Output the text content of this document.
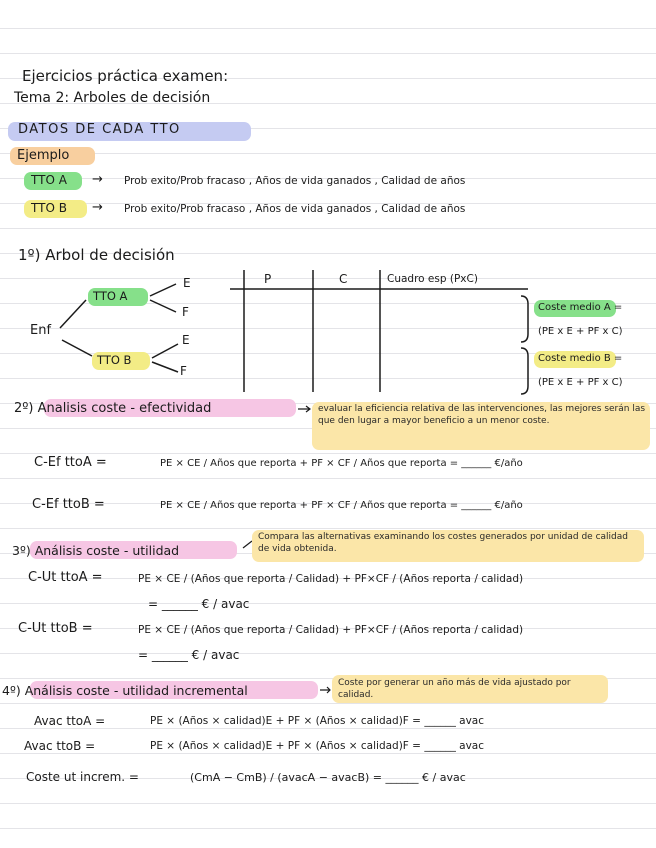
Ejercicios práctica examen:
Tema 2: Arboles de decisión
DATOS DE CADA TTO
Ejemplo
TTO A → Prob exito/Prob fracaso , Años de vida ganados , Calidad de años
TTO B → Prob exito/Prob fracaso , Años de vida ganados , Calidad de años
1º) Arbol de decisión
Enf
TTO A
E
F
TTO B
E
F
P	C	Cuadro esp (PxC)
Coste medio A =
(PE x E + PF x C)
Coste medio B =
(PE x E + PF x C)
2º) Analisis coste - efectividad	evaluar la eficiencia relativa de las intervenciones, las mejores serán las que den lugar a mayor beneficio a un menor coste.
C-Ef ttoA =	PE × CE / Años que reporta + PF × CF / Años que reporta = ______ €/año
C-Ef ttoB =	PE × CE / Años que reporta + PF × CF / Años que reporta = ______ €/año
3º) Análisis coste - utilidad
Compara las alternativas examinando los costes generados por unidad de calidad de vida obtenida.
C-Ut ttoA =	PE × CE / (Años que reporta / Calidad) + PF×CF / (Años reporta / calidad)
= ______ € / avac
C-Ut ttoB =	PE × CE / (Años que reporta / Calidad) + PF×CF / (Años reporta / calidad)
= ______ € / avac
4º) Análisis coste - utilidad incremental	Coste por generar un año más de vida ajustado por calidad.
Avac ttoA =	PE × (Años × calidad)E + PF × (Años × calidad)F = ______ avac
Avac ttoB =	PE × (Años × calidad)E + PF × (Años × calidad)F = ______ avac
Coste ut increm. =	(CmA − CmB) / (avacA − avacB) = ______ € / avac
